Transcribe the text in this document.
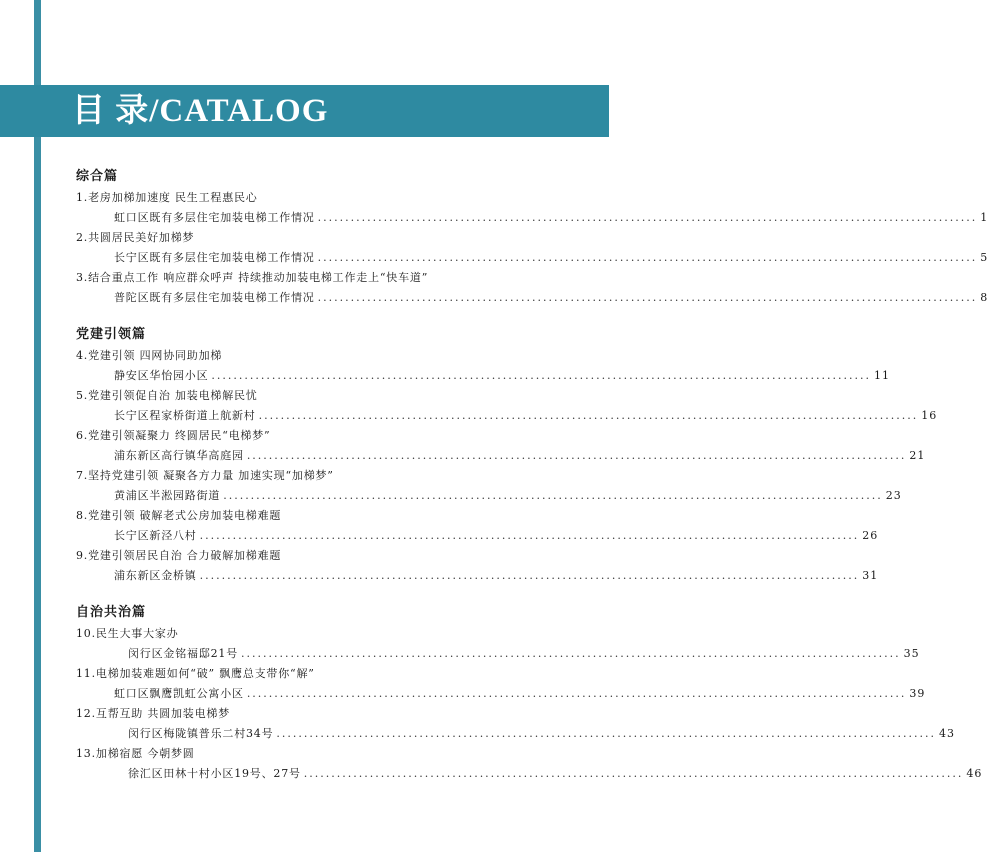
目 录/CATALOG
综合篇
1.老房加梯加速度 民生工程惠民心
虹口区既有多层住宅加装电梯工作情况 ........................................................................................................................ 1
2.共圆居民美好加梯梦
长宁区既有多层住宅加装电梯工作情况 ........................................................................................................................ 5
3.结合重点工作 响应群众呼声 持续推动加装电梯工作走上“快车道”
普陀区既有多层住宅加装电梯工作情况 ........................................................................................................................ 8
党建引领篇
4.党建引领 四网协同助加梯
静安区华怡园小区 ........................................................................................................................ 11
5.党建引领促自治 加装电梯解民忧
长宁区程家桥街道上航新村 ........................................................................................................................ 16
6.党建引领凝聚力 终圆居民“电梯梦”
浦东新区高行镇华高庭园 ........................................................................................................................ 21
7.坚持党建引领 凝聚各方力量 加速实现“加梯梦”
黄浦区半淞园路街道 ........................................................................................................................ 23
8.党建引领 破解老式公房加装电梯难题
长宁区新泾八村 ........................................................................................................................ 26
9.党建引领居民自治 合力破解加梯难题
浦东新区金桥镇 ........................................................................................................................ 31
自治共治篇
10.民生大事大家办
闵行区金铭福邸21号 ........................................................................................................................ 35
11.电梯加装难题如何“破” 飘鹰总支带你“解”
虹口区飘鹰凯虹公寓小区 ........................................................................................................................ 39
12.互帮互助 共圆加装电梯梦
闵行区梅陇镇普乐二村34号 ........................................................................................................................ 43
13.加梯宿愿 今朝梦圆
徐汇区田林十村小区19号、27号 ........................................................................................................................ 46
